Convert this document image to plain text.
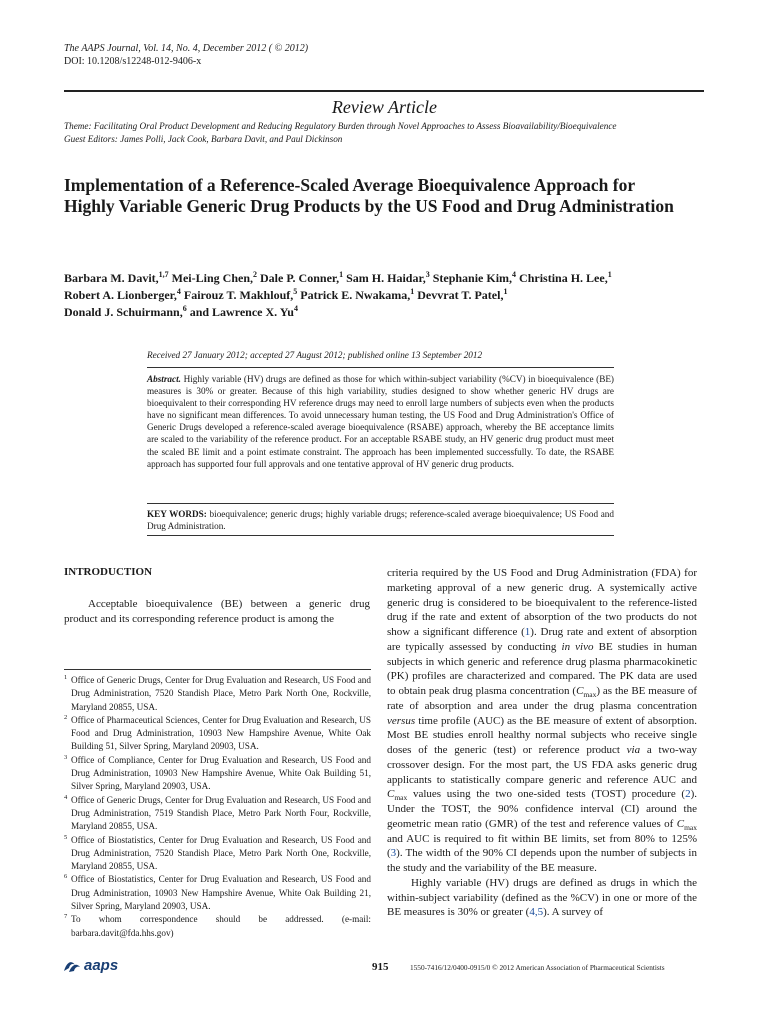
The AAPS Journal, Vol. 14, No. 4, December 2012 ( © 2012)
DOI: 10.1208/s12248-012-9406-x
Review Article
Theme: Facilitating Oral Product Development and Reducing Regulatory Burden through Novel Approaches to Assess Bioavailability/Bioequivalence
Guest Editors: James Polli, Jack Cook, Barbara Davit, and Paul Dickinson
Implementation of a Reference-Scaled Average Bioequivalence Approach for Highly Variable Generic Drug Products by the US Food and Drug Administration
Barbara M. Davit,$^{1,7}$ Mei-Ling Chen,$^2$ Dale P. Conner,$^1$ Sam H. Haidar,$^3$ Stephanie Kim,$^4$ Christina H. Lee,$^1$
Robert A. Lionberger,$^4$ Fairouz T. Makhlouf,$^5$ Patrick E. Nwakama,$^1$ Devvrat T. Patel,$^1$
Donald J. Schuirmann,$^6$ and Lawrence X. Yu$^4$
Received 27 January 2012; accepted 27 August 2012; published online 13 September 2012
Abstract. Highly variable (HV) drugs are defined as those for which within-subject variability (%CV) in bioequivalence (BE) measures is 30% or greater. Because of this high variability, studies designed to show whether generic HV drugs are bioequivalent to their corresponding HV reference drugs may need to enroll large numbers of subjects even when the products have no significant mean differences. To avoid unnecessary human testing, the US Food and Drug Administration's Office of Generic Drugs developed a reference-scaled average bioequivalence (RSABE) approach, whereby the BE acceptance limits are scaled to the variability of the reference product. For an acceptable RSABE study, an HV generic drug product must meet the scaled BE limit and a point estimate constraint. The approach has been implemented successfully. To date, the RSABE approach has supported four full approvals and one tentative approval of HV generic drug products.
KEY WORDS: bioequivalence; generic drugs; highly variable drugs; reference-scaled average bioequivalence; US Food and Drug Administration.
INTRODUCTION
Acceptable bioequivalence (BE) between a generic drug product and its corresponding reference product is among the
1 Office of Generic Drugs, Center for Drug Evaluation and Research, US Food and Drug Administration, 7520 Standish Place, Metro Park North One, Rockville, Maryland 20855, USA.
2 Office of Pharmaceutical Sciences, Center for Drug Evaluation and Research, US Food and Drug Administration, 10903 New Hampshire Avenue, White Oak Building 51, Silver Spring, Maryland 20903, USA.
3 Office of Compliance, Center for Drug Evaluation and Research, US Food and Drug Administration, 10903 New Hampshire Avenue, White Oak Building 51, Silver Spring, Maryland 20903, USA.
4 Office of Generic Drugs, Center for Drug Evaluation and Research, US Food and Drug Administration, 7519 Standish Place, Metro Park North Four, Rockville, Maryland 20855, USA.
5 Office of Biostatistics, Center for Drug Evaluation and Research, US Food and Drug Administration, 7520 Standish Place, Metro Park North One, Rockville, Maryland 20855, USA.
6 Office of Biostatistics, Center for Drug Evaluation and Research, US Food and Drug Administration, 10903 New Hampshire Avenue, White Oak Building 21, Silver Spring, Maryland 20903, USA.
7 To whom correspondence should be addressed. (e-mail: barbara.davit@fda.hhs.gov)
criteria required by the US Food and Drug Administration (FDA) for marketing approval of a new generic drug. A systemically active generic drug is considered to be bioequivalent to the reference-listed drug if the rate and extent of absorption of the two products do not show a significant difference (1). Drug rate and extent of absorption are typically assessed by conducting in vivo BE studies in human subjects in which generic and reference drug plasma pharmacokinetic (PK) profiles are characterized and compared. The PK data are used to obtain peak drug plasma concentration $(C_{max})$ as the BE measure of rate of absorption and area under the drug plasma concentration versus time profile (AUC) as the BE measure of extent of absorption. Most BE studies enroll healthy normal subjects who receive single doses of the generic (test) or reference product via a two-way crossover design. For the most part, the US FDA asks generic drug applicants to statistically compare generic and reference AUC and $C_{max}$ values using the two one-sided tests (TOST) procedure (2). Under the TOST, the 90% confidence interval (CI) around the geometric mean ratio (GMR) of the test and reference values of $C_{max}$ and AUC is required to fit within BE limits, set from 80% to 125% (3). The width of the 90% CI depends upon the number of subjects in the study and the variability of the BE measure.
Highly variable (HV) drugs are defined as drugs in which the within-subject variability (defined as the %CV) in one or more of the BE measures is 30% or greater (4,5). A survey of
aaps	915	1550-7416/12/0400-0915/0 © 2012 American Association of Pharmaceutical Scientists
